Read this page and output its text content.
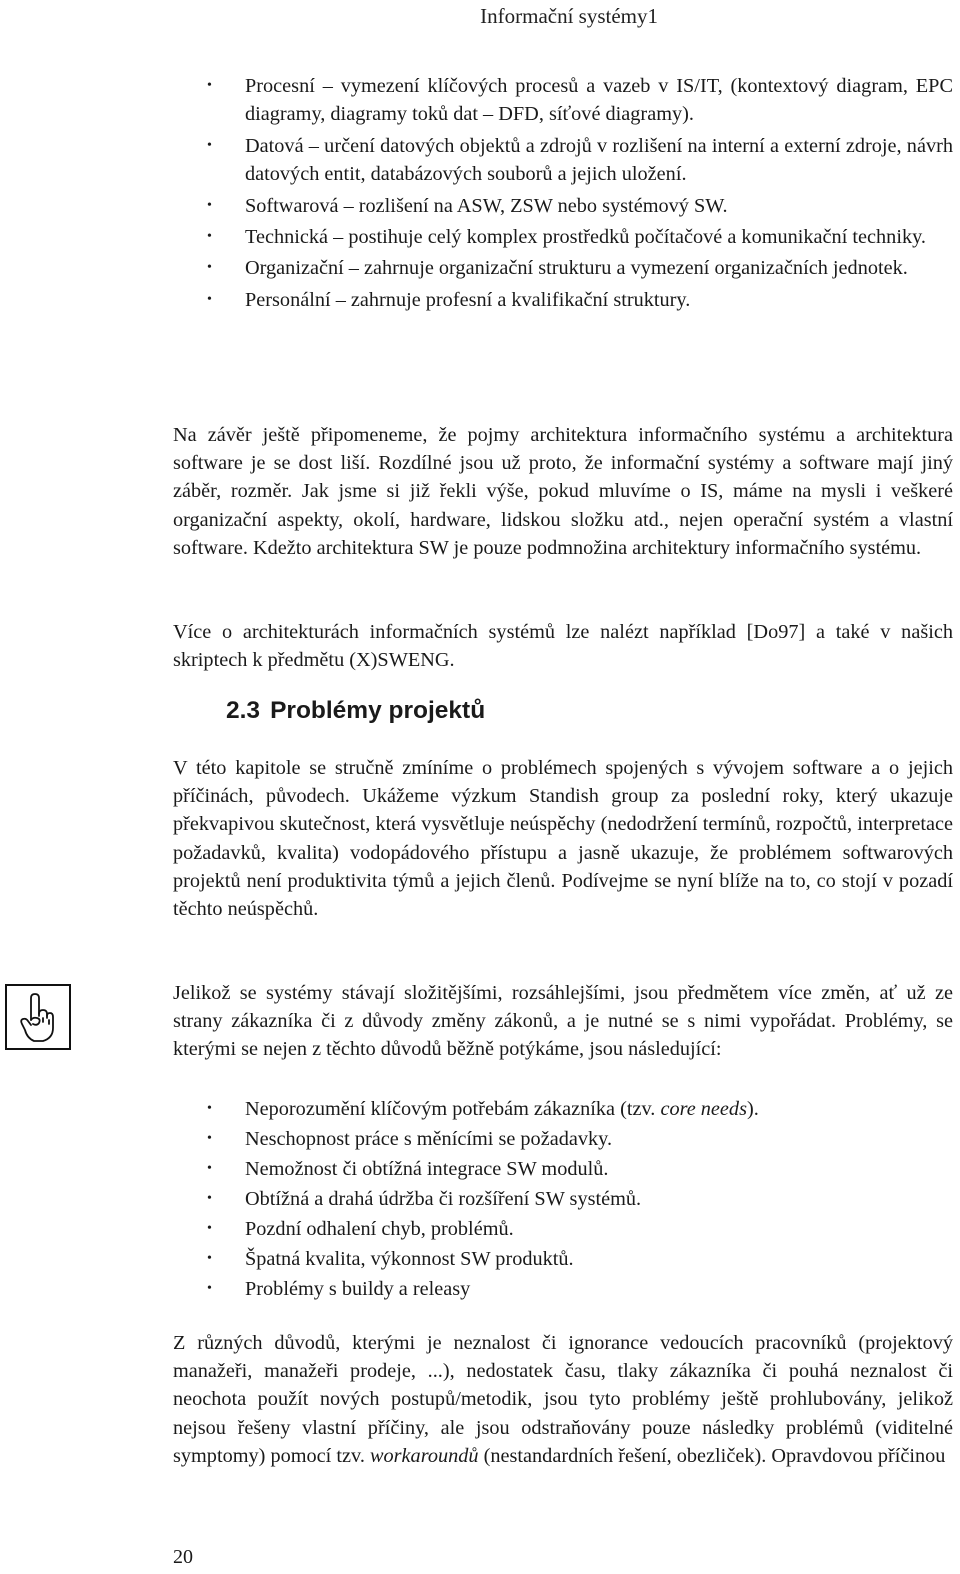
Informační systémy1
• Procesní – vymezení klíčových procesů a vazeb v IS/IT, (kontextový diagram, EPC diagramy, diagramy toků dat – DFD, síťové diagramy).
• Datová – určení datových objektů a zdrojů v rozlišení na interní a externí zdroje, návrh datových entit, databázových souborů a jejich uložení.
• Softwarová – rozlišení na ASW, ZSW nebo systémový SW.
• Technická – postihuje celý komplex prostředků počítačové a komunikační techniky.
• Organizační – zahrnuje organizační strukturu a vymezení organizačních jednotek.
• Personální – zahrnuje profesní a kvalifikační struktury.

Na závěr ještě připomeneme, že pojmy architektura informačního systému a architektura software je se dost liší. Rozdílné jsou už proto, že informační systémy a software mají jiný záběr, rozměr. Jak jsme si již řekli výše, pokud mluvíme o IS, máme na mysli i veškeré organizační aspekty, okolí, hardware, lidskou složku atd., nejen operační systém a vlastní software. Kdežto architektura SW je pouze podmnožina architektury informačního systému.

Více o architekturách informačních systémů lze nalézt například [Do97] a také v našich skriptech k předmětu (X)SWENG.

2.3 Problémy projektů

V této kapitole se stručně zmíníme o problémech spojených s vývojem software a o jejich příčinách, původech. Ukážeme výzkum Standish group za poslední roky, který ukazuje překvapivou skutečnost, která vysvětluje neúspěchy (nedodržení termínů, rozpočtů, interpretace požadavků, kvalita) vodopádového přístupu a jasně ukazuje, že problémem softwarových projektů není produktivita týmů a jejich členů. Podívejme se nyní blíže na to, co stojí v pozadí těchto neúspěchů.

Jelikož se systémy stávají složitějšími, rozsáhlejšími, jsou předmětem více změn, ať už ze strany zákazníka či z důvody změny zákonů, a je nutné se s nimi vypořádat. Problémy, se kterými se nejen z těchto důvodů běžně potýkáme, jsou následující:

• Neporozumění klíčovým potřebám zákazníka (tzv. core needs).
• Neschopnost práce s měnícími se požadavky.
• Nemožnost či obtížná integrace SW modulů.
• Obtížná a drahá údržba či rozšíření SW systémů.
• Pozdní odhalení chyb, problémů.
• Špatná kvalita, výkonnost SW produktů.
• Problémy s buildy a releasy

Z různých důvodů, kterými je neznalost či ignorance vedoucích pracovníků (projektový manažeři, manažeři prodeje, ...), nedostatek času, tlaky zákazníka či pouhá neznalost či neochota použít nových postupů/metodik, jsou tyto problémy ještě prohlubovány, jelikož nejsou řešeny vlastní příčiny, ale jsou odstraňovány pouze následky problémů (viditelné symptomy) pomocí tzv. workaroundů (nestandardních řešení, obezliček). Opravdovou příčinou

20
